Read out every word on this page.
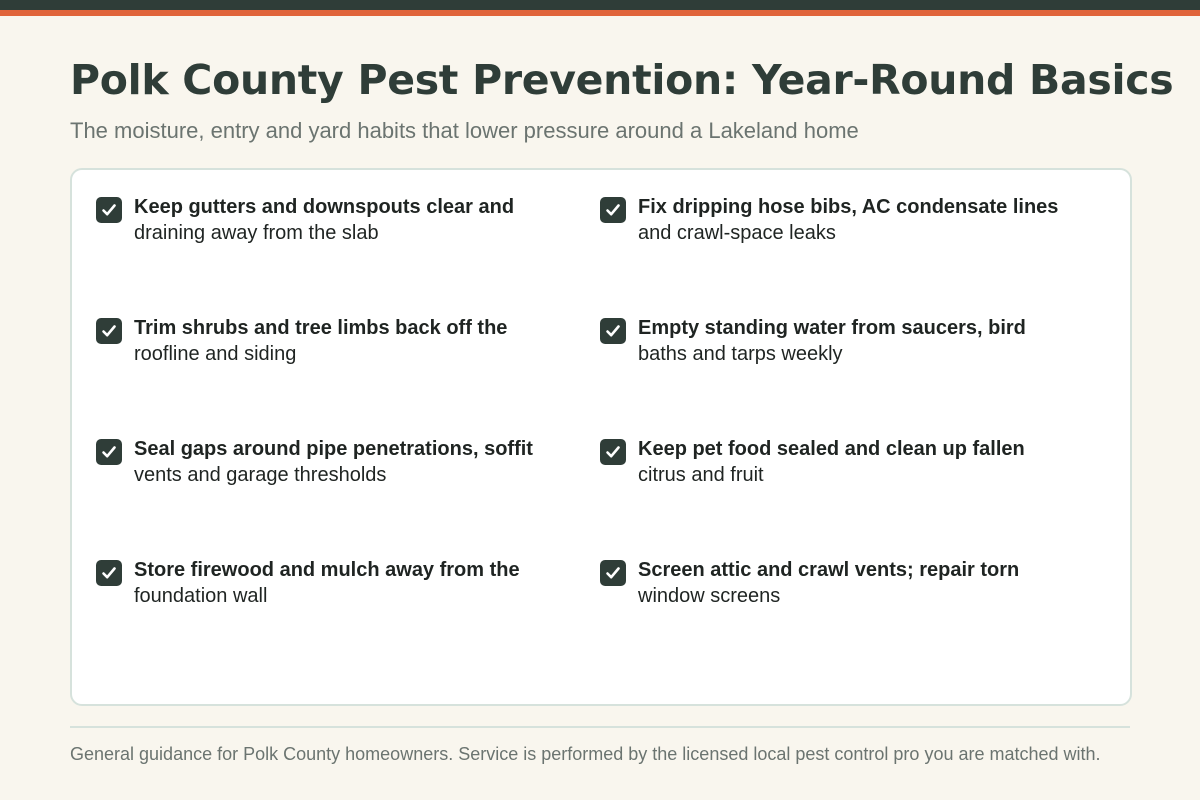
Polk County Pest Prevention: Year-Round Basics

The moisture, entry and yard habits that lower pressure around a Lakeland home

Keep gutters and downspouts clear and
draining away from the slab
Fix dripping hose bibs, AC condensate lines
and crawl-space leaks
Trim shrubs and tree limbs back off the
roofline and siding
Empty standing water from saucers, bird
baths and tarps weekly
Seal gaps around pipe penetrations, soffit
vents and garage thresholds
Keep pet food sealed and clean up fallen
citrus and fruit
Store firewood and mulch away from the
foundation wall
Screen attic and crawl vents; repair torn
window screens

General guidance for Polk County homeowners. Service is performed by the licensed local pest control pro you are matched with.
